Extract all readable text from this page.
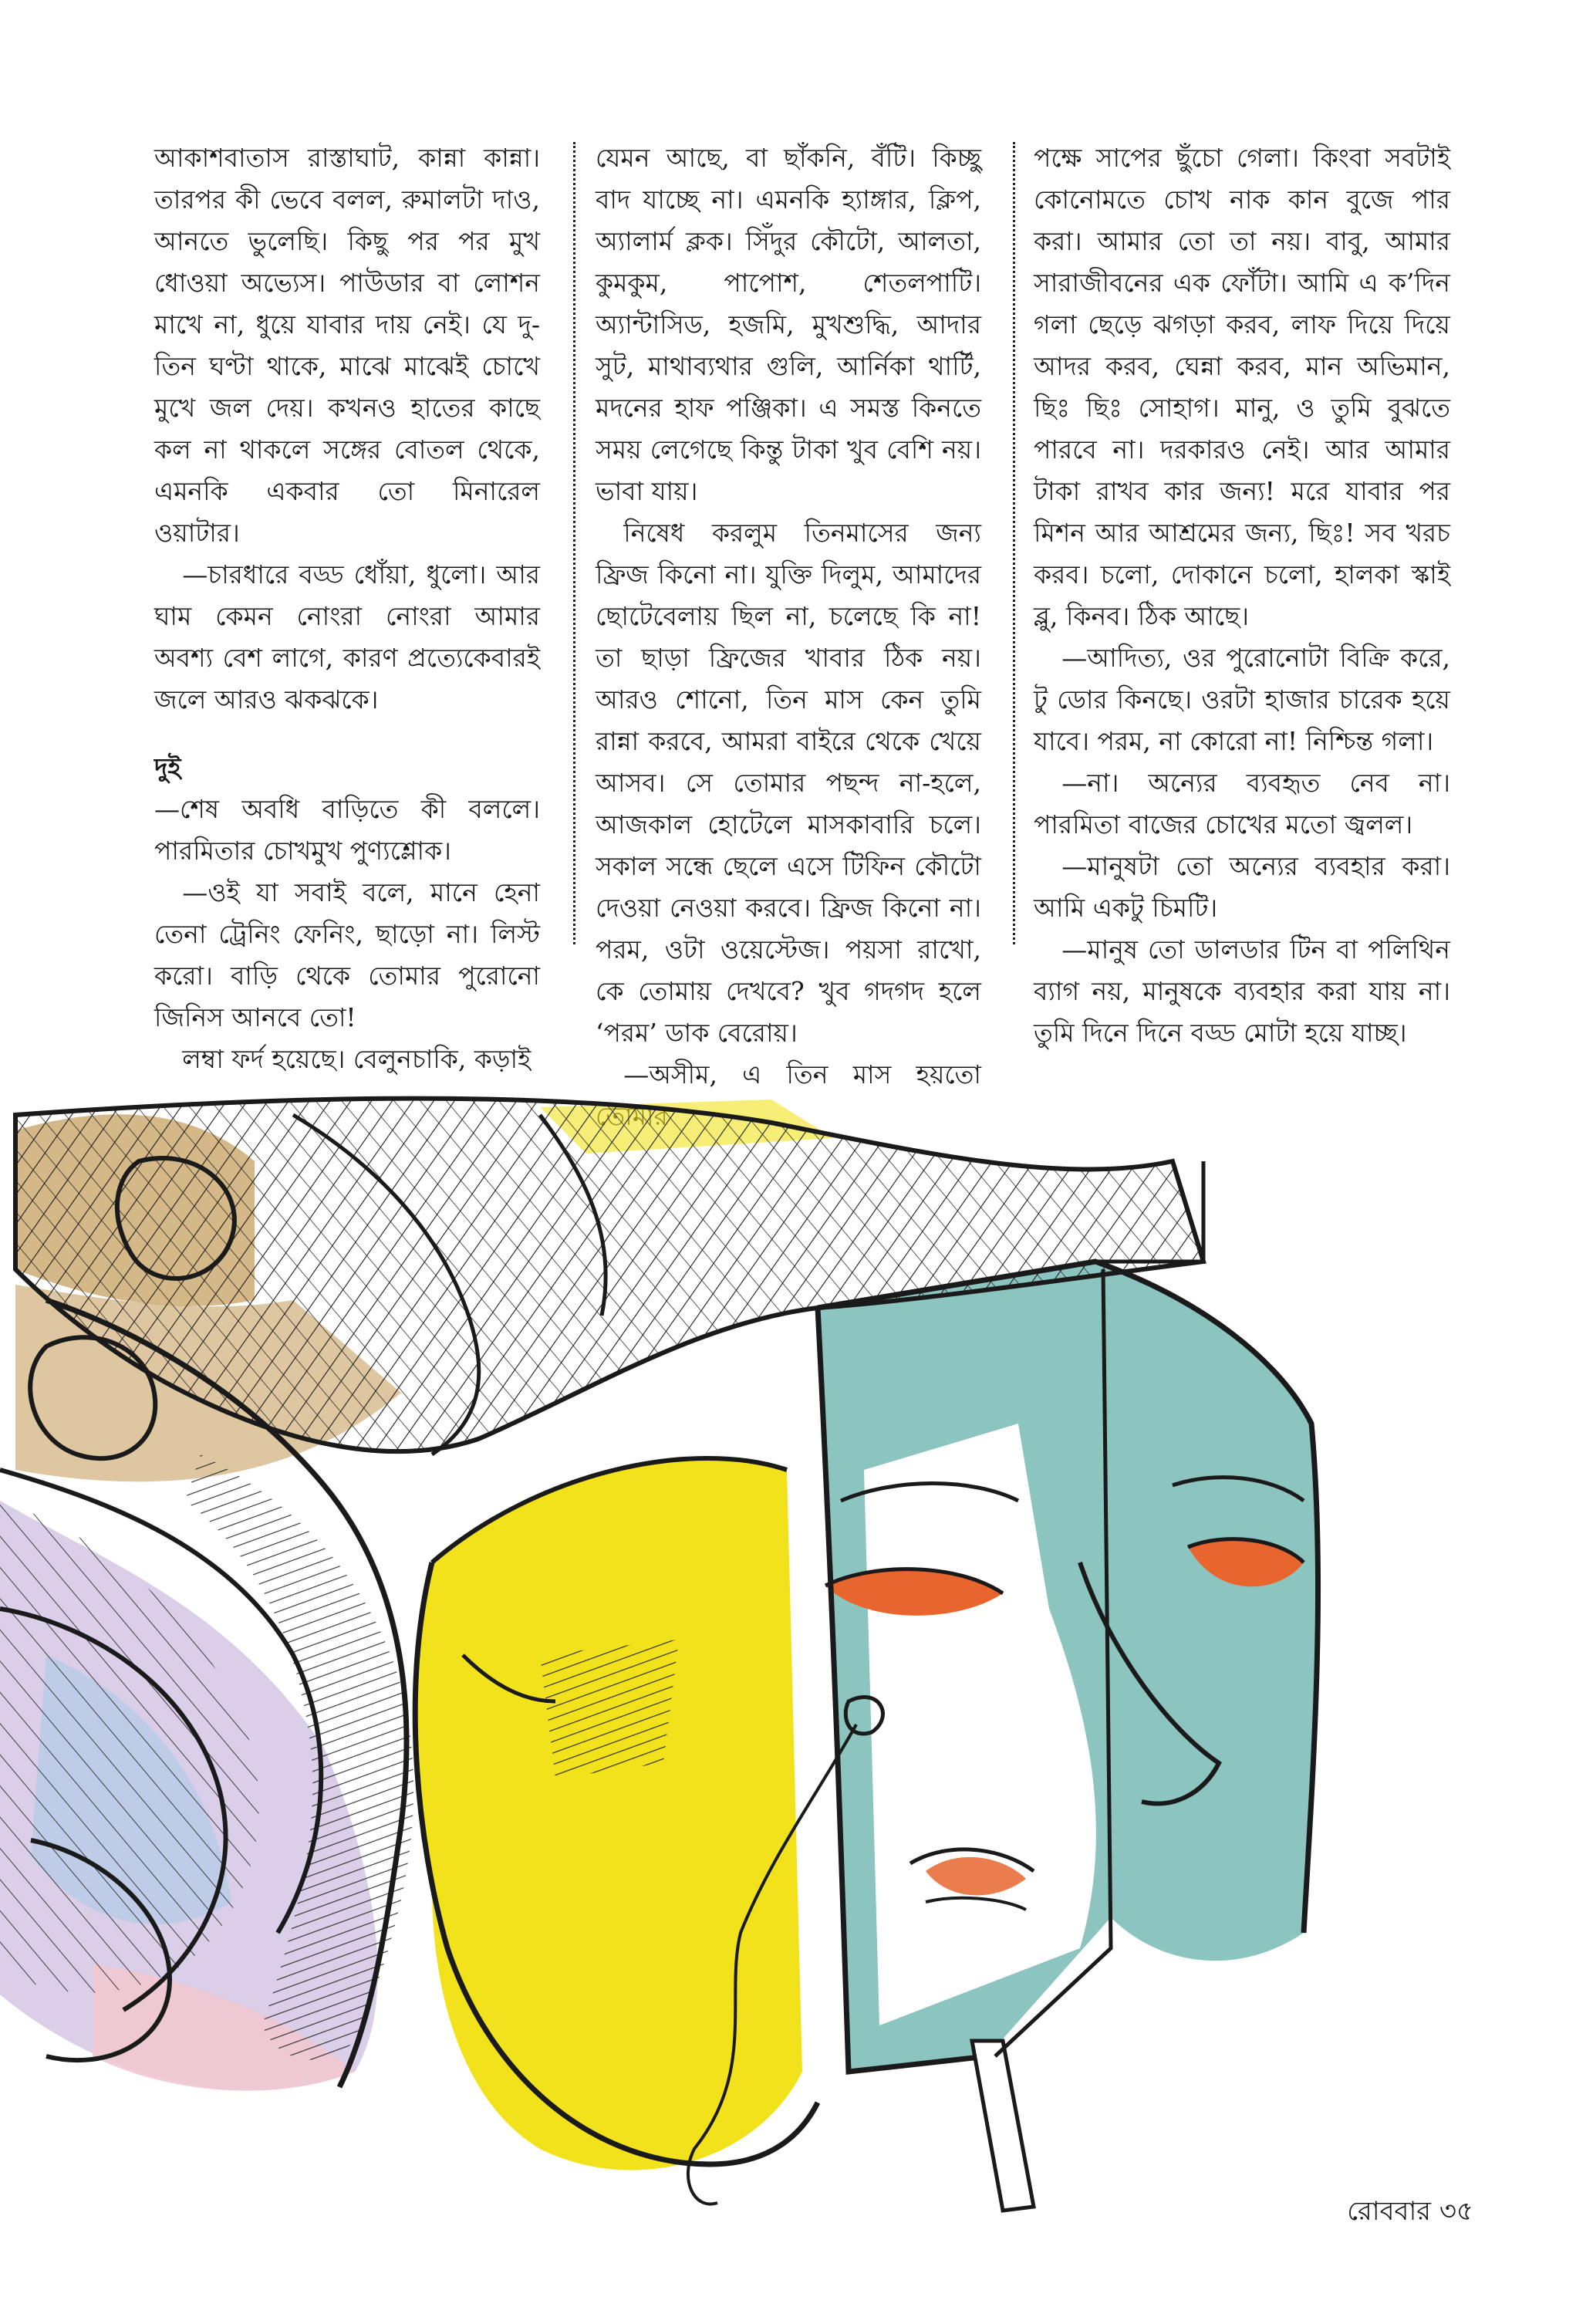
আকাশবাতাস রাস্তাঘাট, কান্না কান্না। তারপর কী ভেবে বলল, রুমালটা দাও, আনতে ভুলেছি। কিছু পর পর মুখ ধোওয়া অভ্যেস। পাউডার বা লোশন মাখে না, ধুয়ে যাবার দায় নেই। যে দু-তিন ঘণ্টা থাকে, মাঝে মাঝেই চোখে মুখে জল দেয়। কখনও হাতের কাছে কল না থাকলে সঙ্গের বোতল থেকে, এমনকি একবার তো মিনারেল ওয়াটার।

—চারধারে বড্ড ধোঁয়া, ধুলো। আর ঘাম কেমন নোংরা নোংরা আমার অবশ্য বেশ লাগে, কারণ প্রত্যেকেবারই জলে আরও ঝকঝকে।

দুই

—শেষ অবধি বাড়িতে কী বললে। পারমিতার চোখমুখ পুণ্যশ্লোক।

—ওই যা সবাই বলে, মানে হেনা তেনা ট্রেনিং ফেনিং, ছাড়ো না। লিস্ট করো। বাড়ি থেকে তোমার পুরোনো জিনিস আনবে তো!

লম্বা ফর্দ হয়েছে। বেলুনচাকি, কড়াই

যেমন আছে, বা ছাঁকনি, বঁটি। কিচ্ছু বাদ যাচ্ছে না। এমনকি হ্যাঙ্গার, ক্লিপ, অ্যালার্ম ক্লক। সিঁদুর কৌটো, আলতা, কুমকুম, পাপোশ, শেতলপাটি। অ্যান্টাসিড, হজমি, মুখশুদ্ধি, আদার সুট, মাথাব্যথার গুলি, আর্নিকা থার্টি, মদনের হাফ পঞ্জিকা। এ সমস্ত কিনতে সময় লেগেছে কিন্তু টাকা খুব বেশি নয়। ভাবা যায়।

নিষেধ করলুম তিনমাসের জন্য ফ্রিজ কিনো না। যুক্তি দিলুম, আমাদের ছোটেবেলায় ছিল না, চলেছে কি না! তা ছাড়া ফ্রিজের খাবার ঠিক নয়। আরও শোনো, তিন মাস কেন তুমি রান্না করবে, আমরা বাইরে থেকে খেয়ে আসব। সে তোমার পছন্দ না-হলে, আজকাল হোটেলে মাসকাবারি চলে। সকাল সন্ধে ছেলে এসে টিফিন কৌটো দেওয়া নেওয়া করবে। ফ্রিজ কিনো না। পরম, ওটা ওয়েস্টেজ। পয়সা রাখো, কে তোমায় দেখবে? খুব গদগদ হলে ‘পরম’ ডাক বেরোয়।

—অসীম, এ তিন মাস হয়তো

পক্ষে সাপের ছুঁচো গেলা। কিংবা সবটাই কোনোমতে চোখ নাক কান বুজে পার করা। আমার তো তা নয়। বাবু, আমার সারাজীবনের এক ফোঁটা। আমি এ ক’দিন গলা ছেড়ে ঝগড়া করব, লাফ দিয়ে দিয়ে আদর করব, ঘেন্না করব, মান অভিমান, ছিঃ ছিঃ সোহাগ। মানু, ও তুমি বুঝতে পারবে না। দরকারও নেই। আর আমার টাকা রাখব কার জন্য! মরে যাবার পর মিশন আর আশ্রমের জন্য, ছিঃ! সব খরচ করব। চলো, দোকানে চলো, হালকা স্কাই ব্লু, কিনব। ঠিক আছে।

—আদিত্য, ওর পুরোনোটা বিক্রি করে, টু ডোর কিনছে। ওরটা হাজার চারেক হয়ে যাবে। পরম, না কোরো না! নিশ্চিন্ত গলা।

—না। অন্যের ব্যবহৃত নেব না। পারমিতা বাজের চোখের মতো জ্বলল।

—মানুষটা তো অন্যের ব্যবহার করা। আমি একটু চিমটি।

—মানুষ তো ডালডার টিন বা পলিথিন ব্যাগ নয়, মানুষকে ব্যবহার করা যায় না। তুমি দিনে দিনে বড্ড মোটা হয়ে যাচ্ছ।

রোববার ৩৫
